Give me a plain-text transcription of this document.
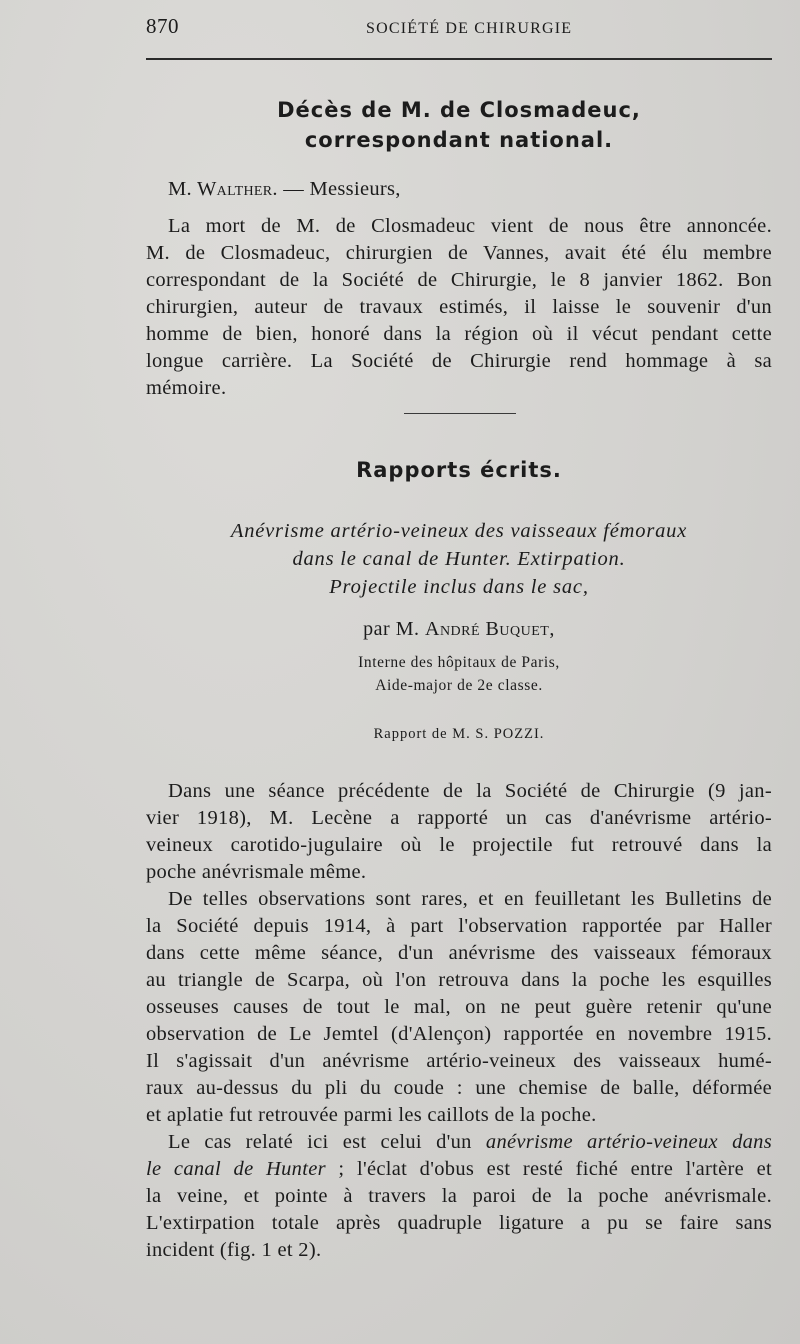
870	SOCIÉTÉ DE CHIRURGIE
Décès de M. de Closmadeuc,
correspondant national.
M. Walther. — Messieurs,
La mort de M. de Closmadeuc vient de nous être annoncée.
M. de Closmadeuc, chirurgien de Vannes, avait été élu membre
correspondant de la Société de Chirurgie, le 8 janvier 1862. Bon
chirurgien, auteur de travaux estimés, il laisse le souvenir d'un
homme de bien, honoré dans la région où il vécut pendant cette
longue carrière. La Société de Chirurgie rend hommage à sa
mémoire.
Rapports écrits.
Anévrisme artério-veineux des vaisseaux fémoraux
dans le canal de Hunter. Extirpation.
Projectile inclus dans le sac,
par M. André Buquet,
Interne des hôpitaux de Paris,
Aide-major de 2e classe.
Rapport de M. S. POZZI.
Dans une séance précédente de la Société de Chirurgie (9 jan-
vier 1918), M. Lecène a rapporté un cas d'anévrisme artério-
veineux carotido-jugulaire où le projectile fut retrouvé dans la
poche anévrismale même.
De telles observations sont rares, et en feuilletant les Bulletins de
la Société depuis 1914, à part l'observation rapportée par Haller
dans cette même séance, d'un anévrisme des vaisseaux fémoraux
au triangle de Scarpa, où l'on retrouva dans la poche les esquilles
osseuses causes de tout le mal, on ne peut guère retenir qu'une
observation de Le Jemtel (d'Alençon) rapportée en novembre 1915.
Il s'agissait d'un anévrisme artério-veineux des vaisseaux humé-
raux au-dessus du pli du coude : une chemise de balle, déformée
et aplatie fut retrouvée parmi les caillots de la poche.
Le cas relaté ici est celui d'un anévrisme artério-veineux dans
le canal de Hunter ; l'éclat d'obus est resté fiché entre l'artère et
la veine, et pointe à travers la paroi de la poche anévrismale.
L'extirpation totale après quadruple ligature a pu se faire sans
incident (fig. 1 et 2).
